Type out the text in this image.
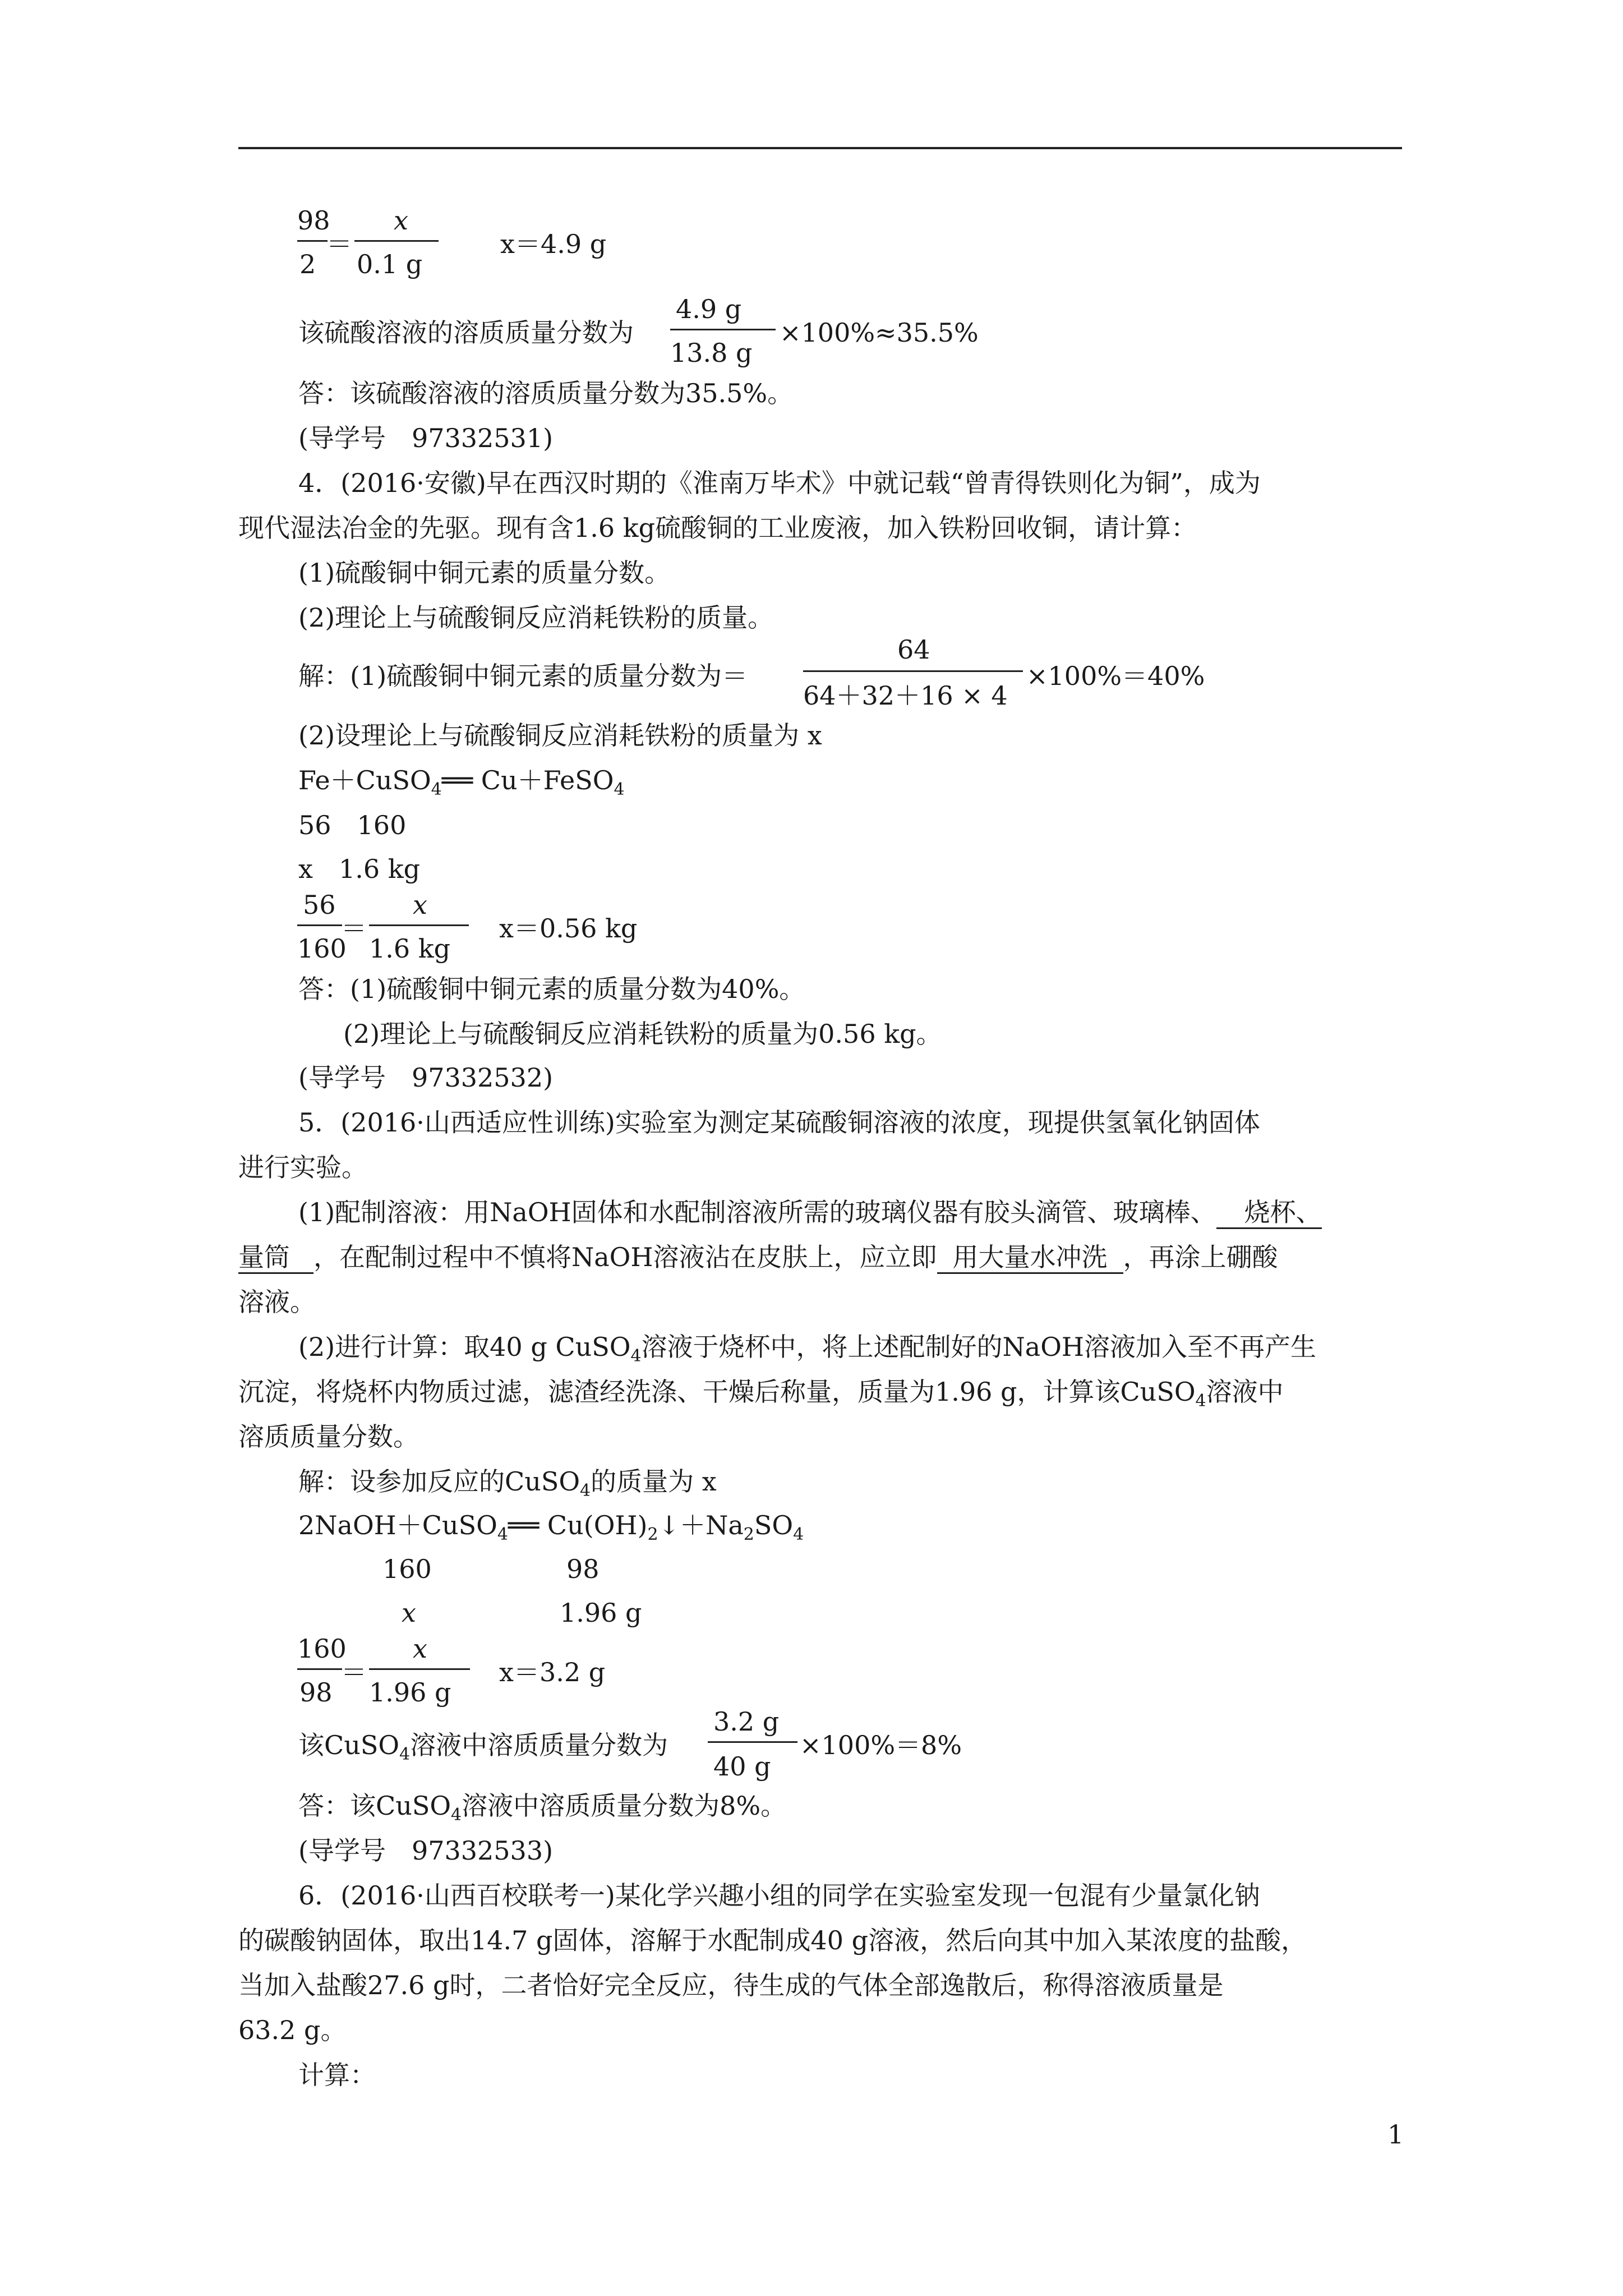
98
2
＝
x
0.1 g
x＝4.9 g
该硫酸溶液的溶质质量分数为
4.9 g
13.8 g
×100%≈35.5%
答：该硫酸溶液的溶质质量分数为35.5%。
(导学号　97332531)
4．(2016·安徽)早在西汉时期的《淮南万毕术》中就记载“曾青得铁则化为铜”，成为
现代湿法冶金的先驱。现有含1.6 kg硫酸铜的工业废液，加入铁粉回收铜，请计算：
(1)硫酸铜中铜元素的质量分数。
(2)理论上与硫酸铜反应消耗铁粉的质量。
解：(1)硫酸铜中铜元素的质量分数为＝
64
64＋32＋16 × 4
×100%＝40%
(2)设理论上与硫酸铜反应消耗铁粉的质量为 x
Fe＋CuSO$_4$══ Cu＋FeSO$_4$
56　160
x　1.6 kg
56
160
＝
x
1.6 kg
x＝0.56 kg
答：(1)硫酸铜中铜元素的质量分数为40%。
(2)理论上与硫酸铜反应消耗铁粉的质量为0.56 kg。
(导学号　97332532)
5．(2016·山西适应性训练)实验室为测定某硫酸铜溶液的浓度，现提供氢氧化钠固体
进行实验。
(1)配制溶液：用NaOH固体和水配制溶液所需的玻璃仪器有胶头滴管、玻璃棒、 烧杯、
量筒 ，在配制过程中不慎将NaOH溶液沾在皮肤上，应立即 用大量水冲洗 ，再涂上硼酸
溶液。
(2)进行计算：取40 g CuSO$_4$溶液于烧杯中，将上述配制好的NaOH溶液加入至不再产生
沉淀，将烧杯内物质过滤，滤渣经洗涤、干燥后称量，质量为1.96 g，计算该CuSO$_4$溶液中
溶质质量分数。
解：设参加反应的CuSO$_4$的质量为 x
2NaOH＋CuSO$_4$══ $Cu(OH)_2↓+Na_2SO_4$
160	98
x	1.96 g
160
98
＝
x
1.96 g
x＝3.2 g
该CuSO$_4$溶液中溶质质量分数为
3.2 g
40 g
×100%＝8%
答：该CuSO$_4$溶液中溶质质量分数为8%。
(导学号　97332533)
6．(2016·山西百校联考一)某化学兴趣小组的同学在实验室发现一包混有少量氯化钠
的碳酸钠固体，取出14.7 g固体，溶解于水配制成40 g溶液，然后向其中加入某浓度的盐酸，
当加入盐酸27.6 g时，二者恰好完全反应，待生成的气体全部逸散后，称得溶液质量是
63.2 g。
计算：
1
